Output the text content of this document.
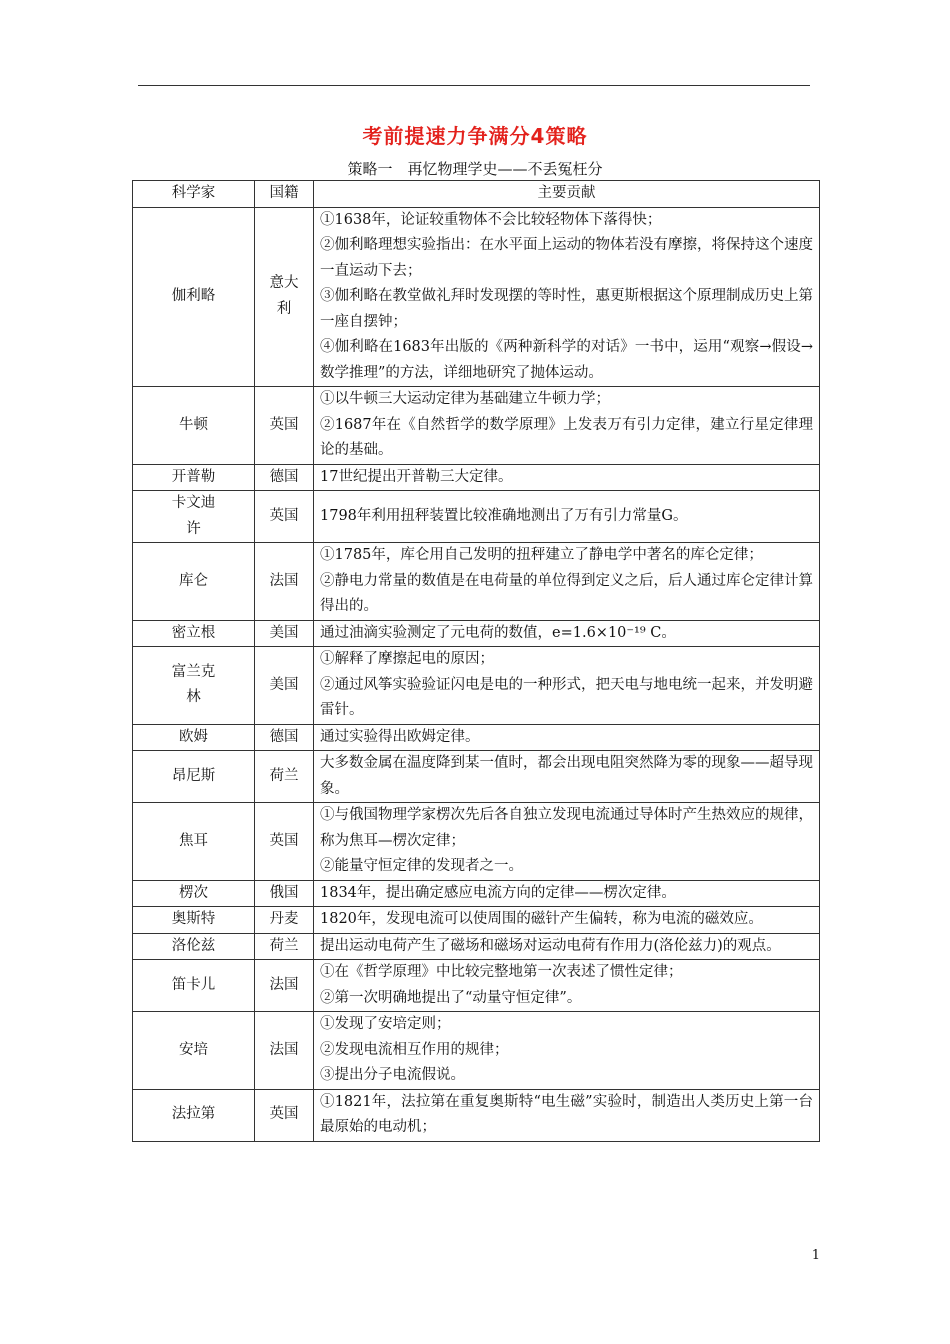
考前提速力争满分4策略
策略一　再忆物理学史——不丢冤枉分
科学家	国籍	主要贡献
伽利略	意大利	①1638年，论证较重物体不会比较轻物体下落得快；
②伽利略理想实验指出：在水平面上运动的物体若没有摩擦，将保持这个速度一直运动下去；
③伽利略在教堂做礼拜时发现摆的等时性，惠更斯根据这个原理制成历史上第一座自摆钟；
④伽利略在1683年出版的《两种新科学的对话》一书中，运用“观察→假设→数学推理”的方法，详细地研究了抛体运动。

牛顿	英国	①以牛顿三大运动定律为基础建立牛顿力学；
②1687年在《自然哲学的数学原理》上发表万有引力定律，建立行星定律理论的基础。

开普勒	德国	17世纪提出开普勒三大定律。

卡文迪许	英国	1798年利用扭秤装置比较准确地测出了万有引力常量G。

库仑	法国	①1785年，库仑用自己发明的扭秤建立了静电学中著名的库仑定律；
②静电力常量的数值是在电荷量的单位得到定义之后，后人通过库仑定律计算得出的。

密立根	美国	通过油滴实验测定了元电荷的数值，e=1.6×10⁻¹⁹ C。

富兰克林	美国	①解释了摩擦起电的原因；
②通过风筝实验验证闪电是电的一种形式，把天电与地电统一起来，并发明避雷针。

欧姆	德国	通过实验得出欧姆定律。

昂尼斯	荷兰	大多数金属在温度降到某一值时，都会出现电阻突然降为零的现象——超导现象。

焦耳	英国	①与俄国物理学家楞次先后各自独立发现电流通过导体时产生热效应的规律，称为焦耳—楞次定律；
②能量守恒定律的发现者之一。

楞次	俄国	1834年，提出确定感应电流方向的定律——楞次定律。

奥斯特	丹麦	1820年，发现电流可以使周围的磁针产生偏转，称为电流的磁效应。

洛伦兹	荷兰	提出运动电荷产生了磁场和磁场对运动电荷有作用力(洛伦兹力)的观点。

笛卡儿	法国	①在《哲学原理》中比较完整地第一次表述了惯性定律；
②第一次明确地提出了“动量守恒定律”。

安培	法国	①发现了安培定则；
②发现电流相互作用的规律；
③提出分子电流假说。

法拉第	英国	①1821年，法拉第在重复奥斯特“电生磁”实验时，制造出人类历史上第一台最原始的电动机；
1
